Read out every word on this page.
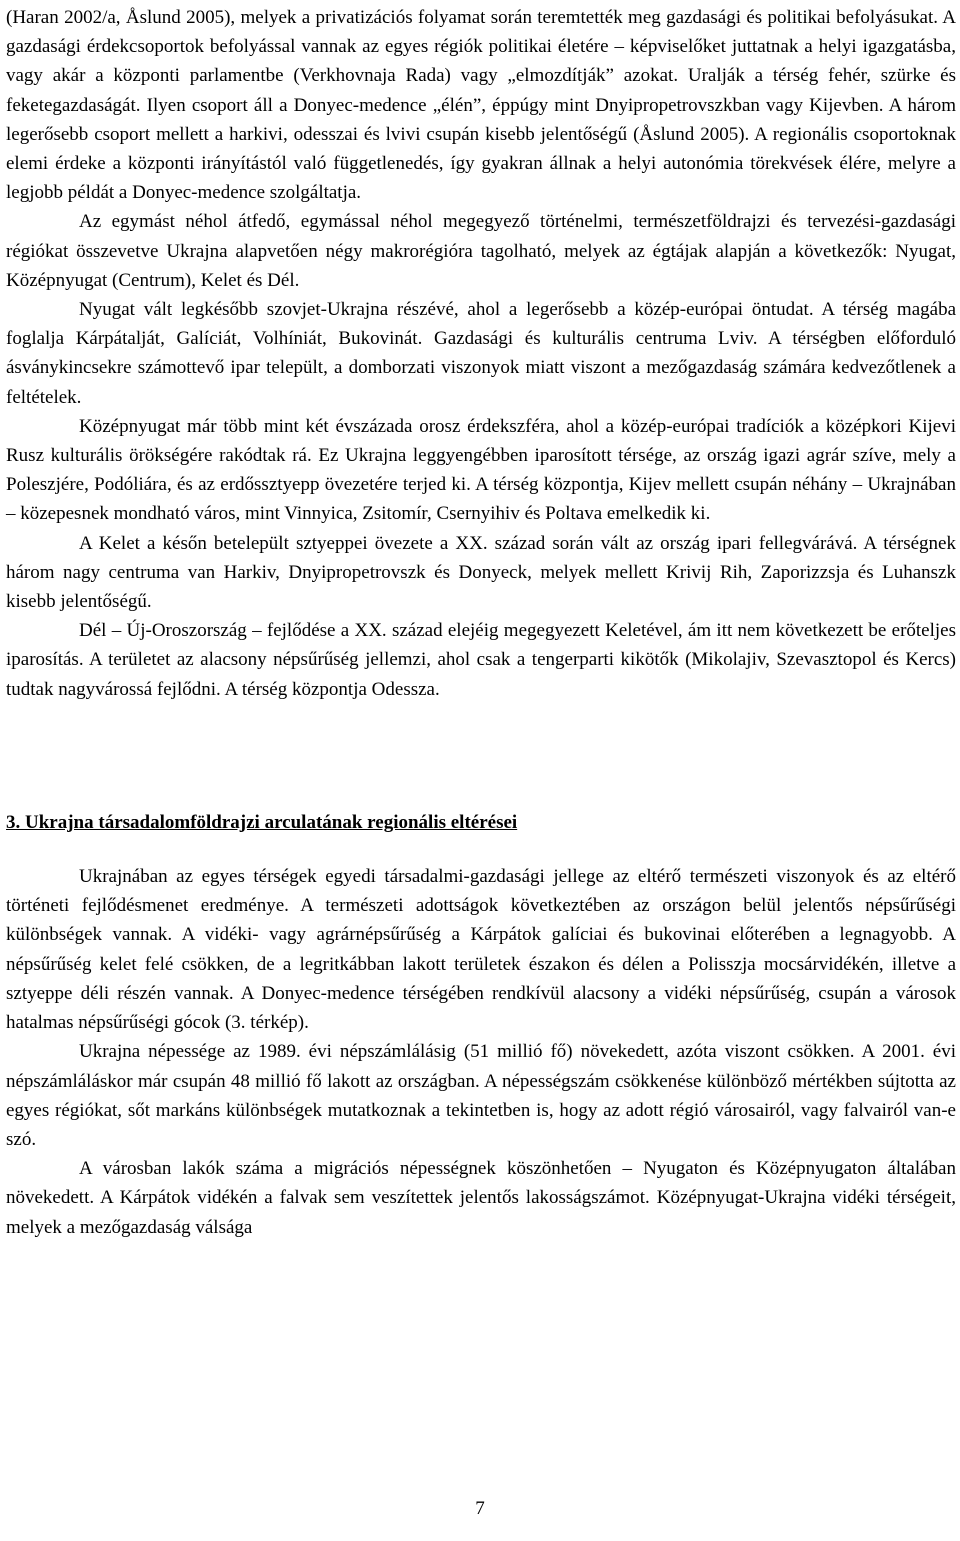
(Haran 2002/a, Åslund 2005), melyek a privatizációs folyamat során teremtették meg gazdasági és politikai befolyásukat. A gazdasági érdekcsoportok befolyással vannak az egyes régiók politikai életére – képviselőket juttatnak a helyi igazgatásba, vagy akár a központi parlamentbe (Verkhovnaja Rada) vagy „elmozdítják” azokat. Uralják a térség fehér, szürke és feketegazdaságát. Ilyen csoport áll a Donyec-medence „élén”, éppúgy mint Dnyipropetrovszkban vagy Kijevben. A három legerősebb csoport mellett a harkivi, odesszai és lvivi csupán kisebb jelentőségű (Åslund 2005). A regionális csoportoknak elemi érdeke a központi irányítástól való függetlenedés, így gyakran állnak a helyi autonómia törekvések élére, melyre a legjobb példát a Donyec-medence szolgáltatja.

Az egymást néhol átfedő, egymással néhol megegyező történelmi, természetföldrajzi és tervezési-gazdasági régiókat összevetve Ukrajna alapvetően négy makrorégióra tagolható, melyek az égtájak alapján a következők: Nyugat, Középnyugat (Centrum), Kelet és Dél.

Nyugat vált legkésőbb szovjet-Ukrajna részévé, ahol a legerősebb a közép-európai öntudat. A térség magába foglalja Kárpátalját, Galíciát, Volhíniát, Bukovinát. Gazdasági és kulturális centruma Lviv. A térségben előforduló ásványkincsekre számottevő ipar települt, a domborzati viszonyok miatt viszont a mezőgazdaság számára kedvezőtlenek a feltételek.

Középnyugat már több mint két évszázada orosz érdekszféra, ahol a közép-európai tradíciók a középkori Kijevi Rusz kulturális örökségére rakódtak rá. Ez Ukrajna leggyengébben iparosított térsége, az ország igazi agrár szíve, mely a Poleszjére, Podóliára, és az erdőssztyepp övezetére terjed ki. A térség központja, Kijev mellett csupán néhány – Ukrajnában – közepesnek mondható város, mint Vinnyica, Zsitomír, Csernyihiv és Poltava emelkedik ki.

A Kelet a későn betelepült sztyeppei övezete a XX. század során vált az ország ipari fellegvárává. A térségnek három nagy centruma van Harkiv, Dnyipropetrovszk és Donyeck, melyek mellett Krivij Rih, Zaporizzsja és Luhanszk kisebb jelentőségű.

Dél – Új-Oroszország – fejlődése a XX. század elejéig megegyezett Keletével, ám itt nem következett be erőteljes iparosítás. A területet az alacsony népsűrűség jellemzi, ahol csak a tengerparti kikötők (Mikolajiv, Szevasztopol és Kercs) tudtak nagyvárossá fejlődni. A térség központja Odessza.

3. Ukrajna társadalomföldrajzi arculatának regionális eltérései

Ukrajnában az egyes térségek egyedi társadalmi-gazdasági jellege az eltérő természeti viszonyok és az eltérő történeti fejlődésmenet eredménye. A természeti adottságok következtében az országon belül jelentős népsűrűségi különbségek vannak. A vidéki- vagy agrárnépsűrűség a Kárpátok galíciai és bukovinai előterében a legnagyobb. A népsűrűség kelet felé csökken, de a legritkábban lakott területek északon és délen a Polisszja mocsárvidékén, illetve a sztyeppe déli részén vannak. A Donyec-medence térségében rendkívül alacsony a vidéki népsűrűség, csupán a városok hatalmas népsűrűségi gócok (3. térkép).

Ukrajna népessége az 1989. évi népszámlálásig (51 millió fő) növekedett, azóta viszont csökken. A 2001. évi népszámláláskor már csupán 48 millió fő lakott az országban. A népességszám csökkenése különböző mértékben sújtotta az egyes régiókat, sőt markáns különbségek mutatkoznak a tekintetben is, hogy az adott régió városairól, vagy falvairól van-e szó.

A városban lakók száma a migrációs népességnek köszönhetően – Nyugaton és Középnyugaton általában növekedett. A Kárpátok vidékén a falvak sem veszítettek jelentős lakosságszámot. Középnyugat-Ukrajna vidéki térségeit, melyek a mezőgazdaság válsága

7
